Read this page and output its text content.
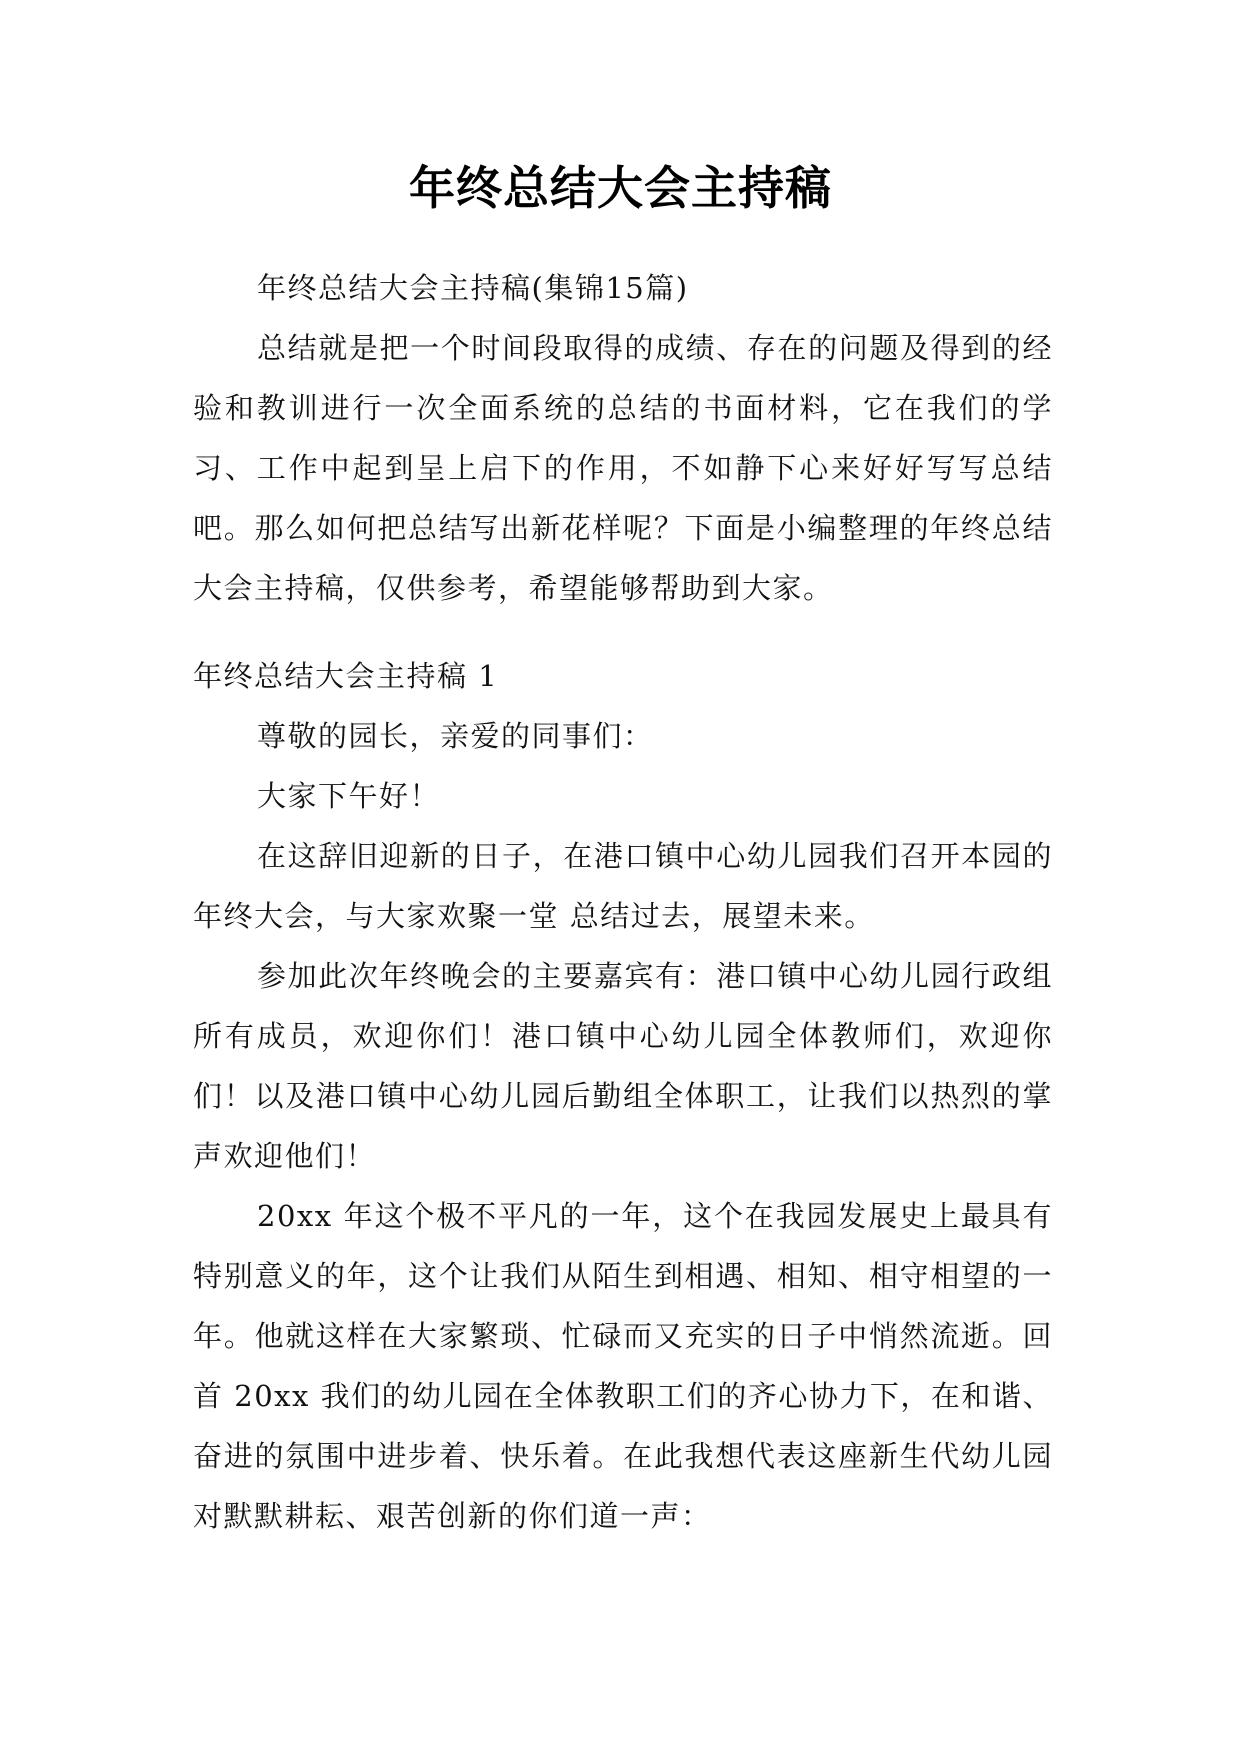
年终总结大会主持稿

年终总结大会主持稿(集锦15篇)

总结就是把一个时间段取得的成绩、存在的问题及得到的经验和教训进行一次全面系统的总结的书面材料，它在我们的学习、工作中起到呈上启下的作用，不如静下心来好好写写总结吧。那么如何把总结写出新花样呢？下面是小编整理的年终总结大会主持稿，仅供参考，希望能够帮助到大家。

年终总结大会主持稿 1

尊敬的园长，亲爱的同事们：

大家下午好！

在这辞旧迎新的日子，在港口镇中心幼儿园我们召开本园的年终大会，与大家欢聚一堂 总结过去，展望未来。

参加此次年终晚会的主要嘉宾有：港口镇中心幼儿园行政组所有成员，欢迎你们！港口镇中心幼儿园全体教师们，欢迎你们！以及港口镇中心幼儿园后勤组全体职工，让我们以热烈的掌声欢迎他们！

20xx 年这个极不平凡的一年，这个在我园发展史上最具有特别意义的年，这个让我们从陌生到相遇、相知、相守相望的一年。他就这样在大家繁琐、忙碌而又充实的日子中悄然流逝。回首 20xx 我们的幼儿园在全体教职工们的齐心协力下，在和谐、奋进的氛围中进步着、快乐着。在此我想代表这座新生代幼儿园对默默耕耘、艰苦创新的你们道一声：
